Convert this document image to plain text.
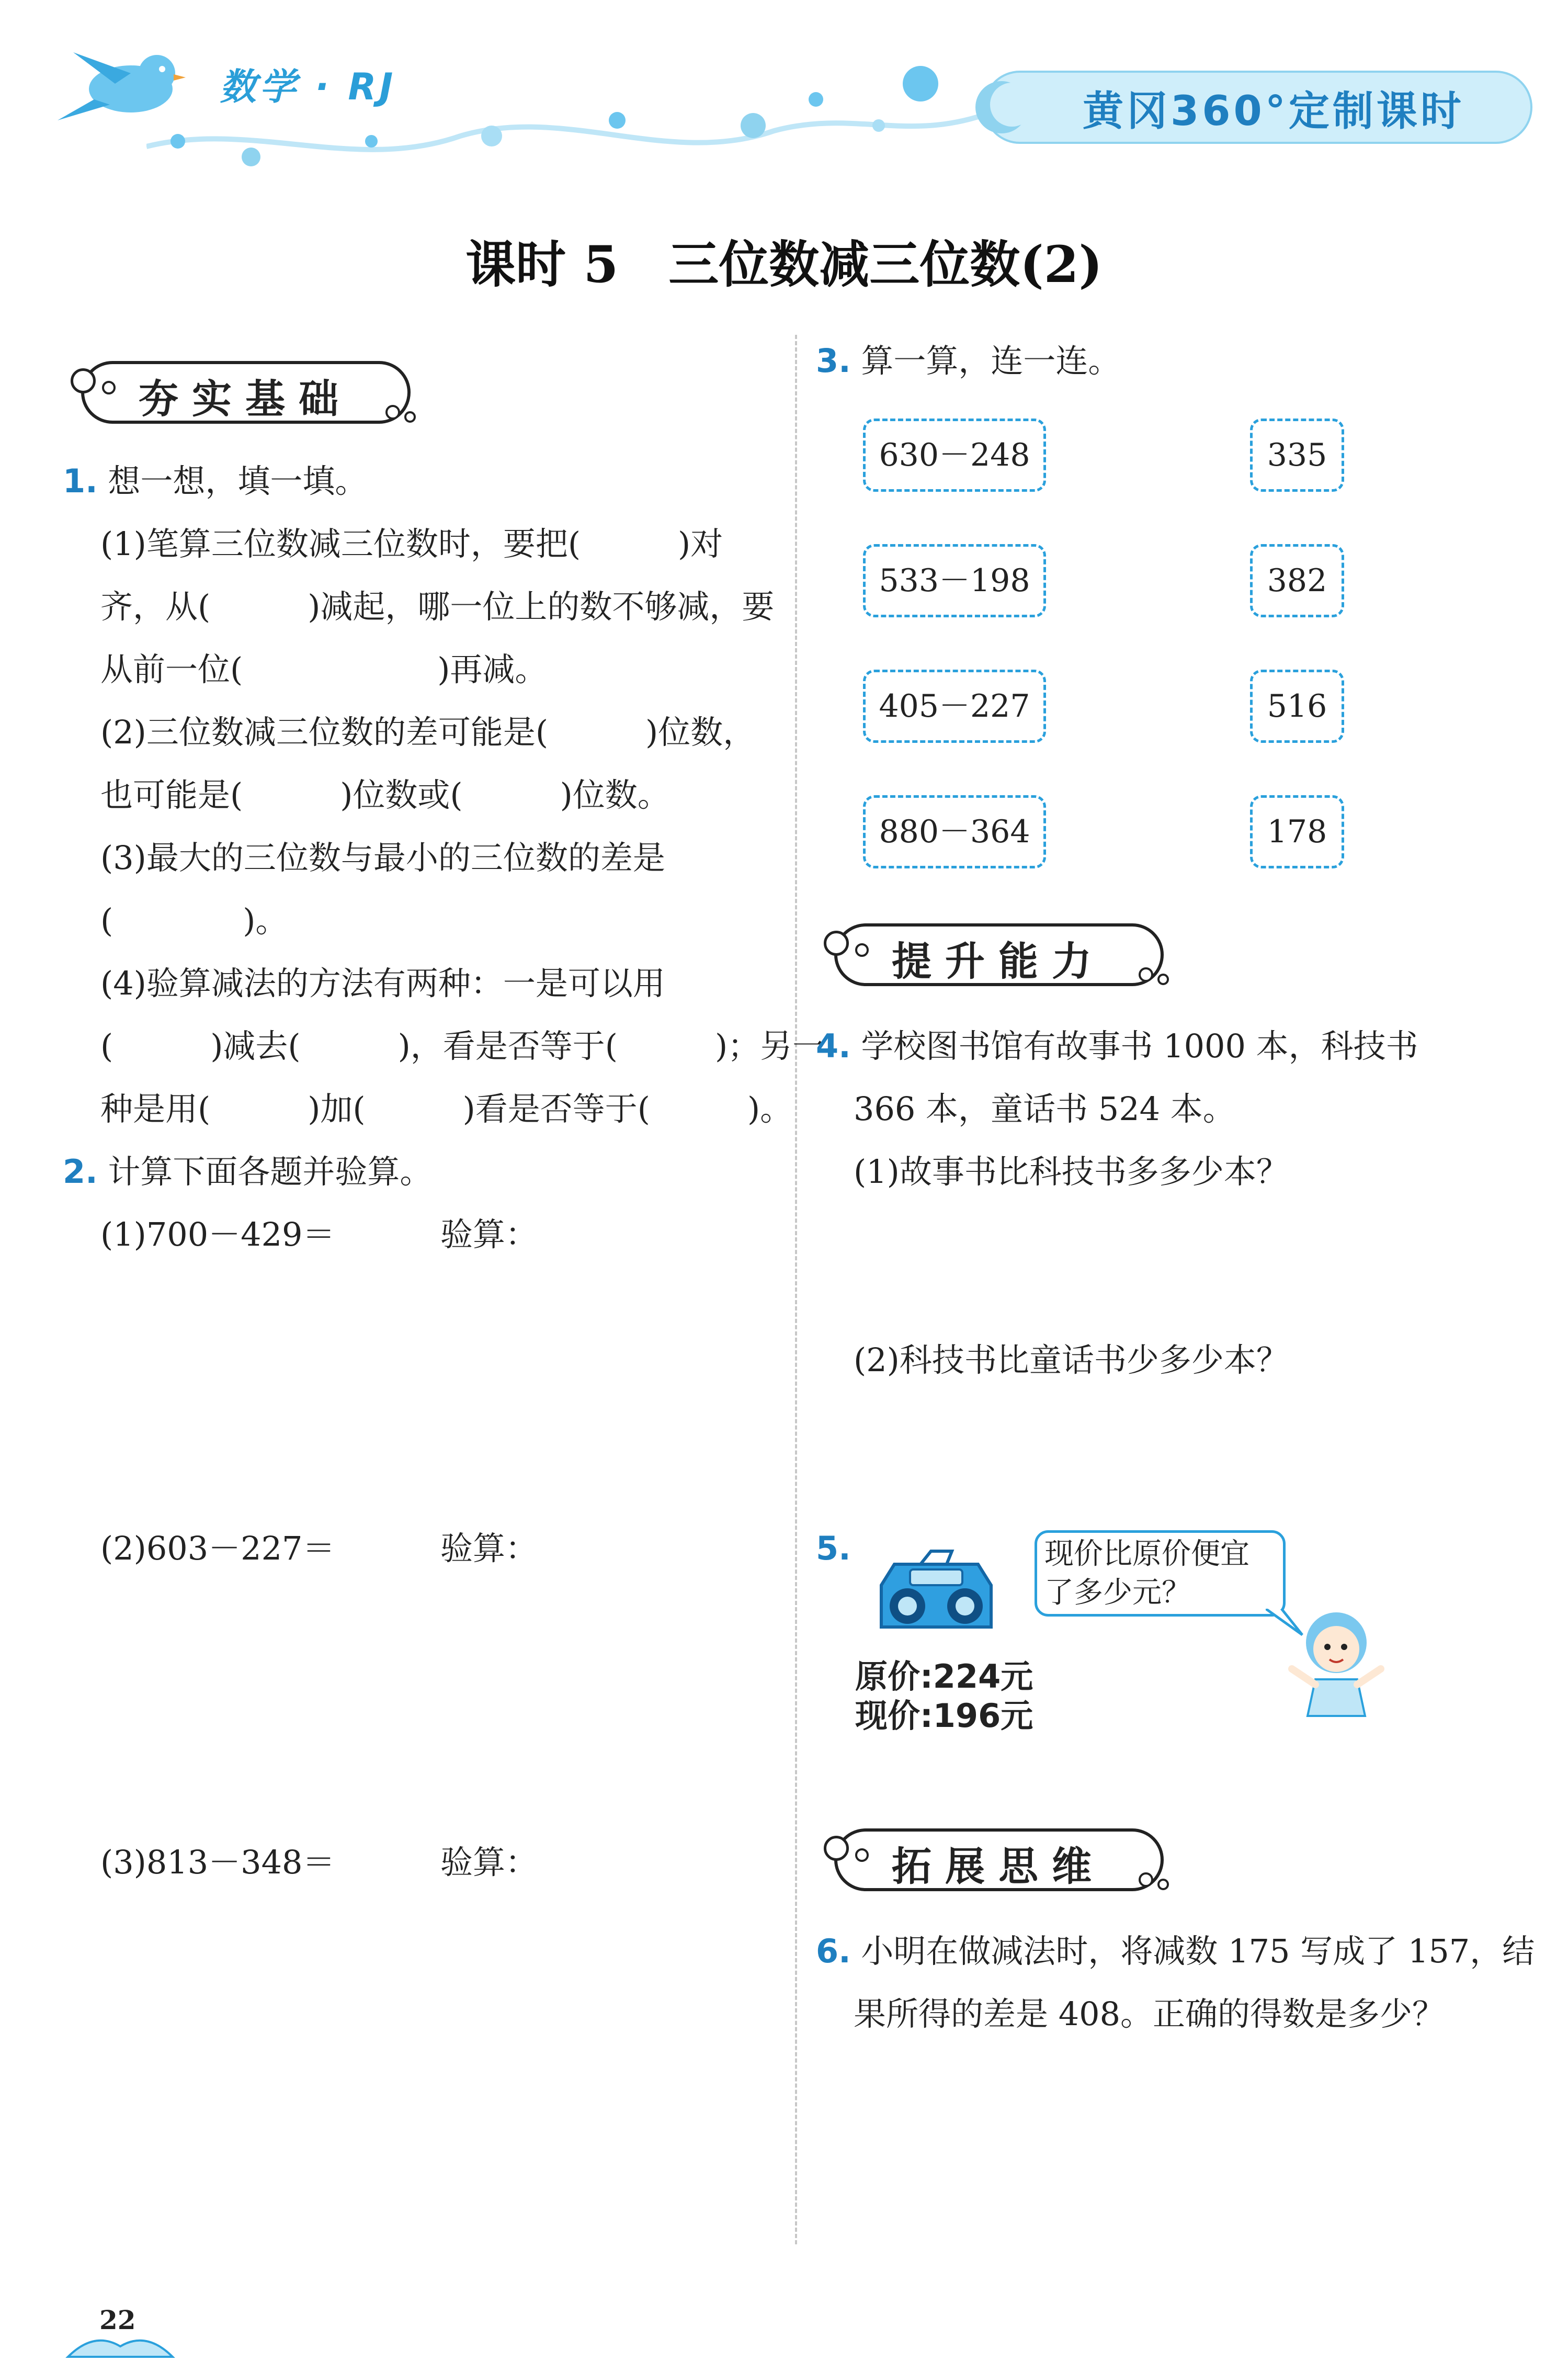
数学 · RJ
黄冈360°定制课时
课时 5　三位数减三位数(2)
夯实基础
1. 想一想，填一填。
(1)笔算三位数减三位数时，要把(　　　)对
齐，从(　　　)减起，哪一位上的数不够减，要
从前一位(　　　　　　)再减。
(2)三位数减三位数的差可能是(　　　)位数，
也可能是(　　　)位数或(　　　)位数。
(3)最大的三位数与最小的三位数的差是
(　　　　)。
(4)验算减法的方法有两种：一是可以用
(　　　)减去(　　　)，看是否等于(　　　)；另一
种是用(　　　)加(　　　)看是否等于(　　　)。
2. 计算下面各题并验算。
(1)700－429＝	验算：
(2)603－227＝	验算：
(3)813－348＝	验算：
3. 算一算，连一连。
630－248
533－198
405－227
880－364
335
382
516
178
提升能力
4. 学校图书馆有故事书 1000 本，科技书
366 本，童话书 524 本。
(1)故事书比科技书多多少本？
(2)科技书比童话书少多少本？
5.	现价比原价便宜
了多少元？
原价:224元
现价:196元
拓展思维
6. 小明在做减法时，将减数 175 写成了 157，结
果所得的差是 408。正确的得数是多少？
22
